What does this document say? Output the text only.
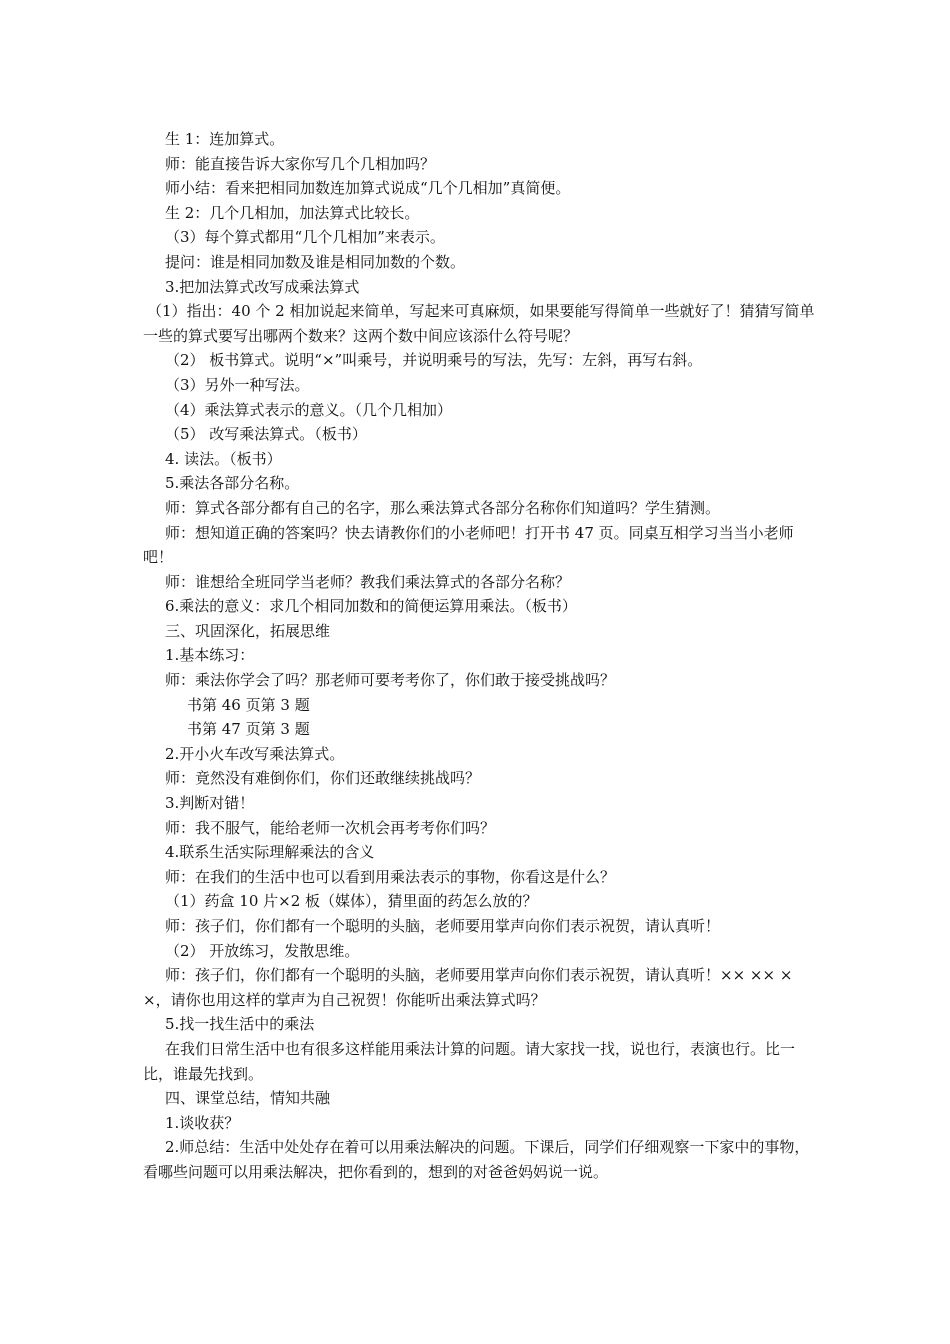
生 1：连加算式。

师：能直接告诉大家你写几个几相加吗？

师小结：看来把相同加数连加算式说成“几个几相加”真简便。

生 2：几个几相加，加法算式比较长。

（3）每个算式都用“几个几相加”来表示。

提问：谁是相同加数及谁是相同加数的个数。

3.把加法算式改写成乘法算式

（1）指出：40 个 2 相加说起来简单，写起来可真麻烦，如果要能写得简单一些就好了！猜猜写简单一些的算式要写出哪两个数来？这两个数中间应该添什么符号呢？

（2） 板书算式。说明“×”叫乘号，并说明乘号的写法，先写：左斜，再写右斜。

（3）另外一种写法。

（4）乘法算式表示的意义。（几个几相加）

（5） 改写乘法算式。（板书）

4. 读法。（板书）

5.乘法各部分名称。

师：算式各部分都有自己的名字，那么乘法算式各部分名称你们知道吗？学生猜测。

师：想知道正确的答案吗？快去请教你们的小老师吧！打开书 47 页。同桌互相学习当当小老师吧！

师：谁想给全班同学当老师？教我们乘法算式的各部分名称？

6.乘法的意义：求几个相同加数和的简便运算用乘法。（板书）

三、巩固深化，拓展思维

1.基本练习：

师：乘法你学会了吗？那老师可要考考你了，你们敢于接受挑战吗？

书第 46 页第 3 题

书第 47 页第 3 题

2.开小火车改写乘法算式。

师：竟然没有难倒你们，你们还敢继续挑战吗？

3.判断对错！

师：我不服气，能给老师一次机会再考考你们吗？

4.联系生活实际理解乘法的含义

师：在我们的生活中也可以看到用乘法表示的事物，你看这是什么？

（1）药盒 10 片×2 板（媒体），猜里面的药怎么放的？

师：孩子们，你们都有一个聪明的头脑，老师要用掌声向你们表示祝贺，请认真听！

（2） 开放练习，发散思维。

师：孩子们，你们都有一个聪明的头脑，老师要用掌声向你们表示祝贺，请认真听！×× ×× ××，请你也用这样的掌声为自己祝贺！你能听出乘法算式吗？

5.找一找生活中的乘法

在我们日常生活中也有很多这样能用乘法计算的问题。请大家找一找，说也行，表演也行。比一比，谁最先找到。

四、课堂总结，情知共融

1.谈收获？

2.师总结：生活中处处存在着可以用乘法解决的问题。下课后，同学们仔细观察一下家中的事物，看哪些问题可以用乘法解决，把你看到的，想到的对爸爸妈妈说一说。
